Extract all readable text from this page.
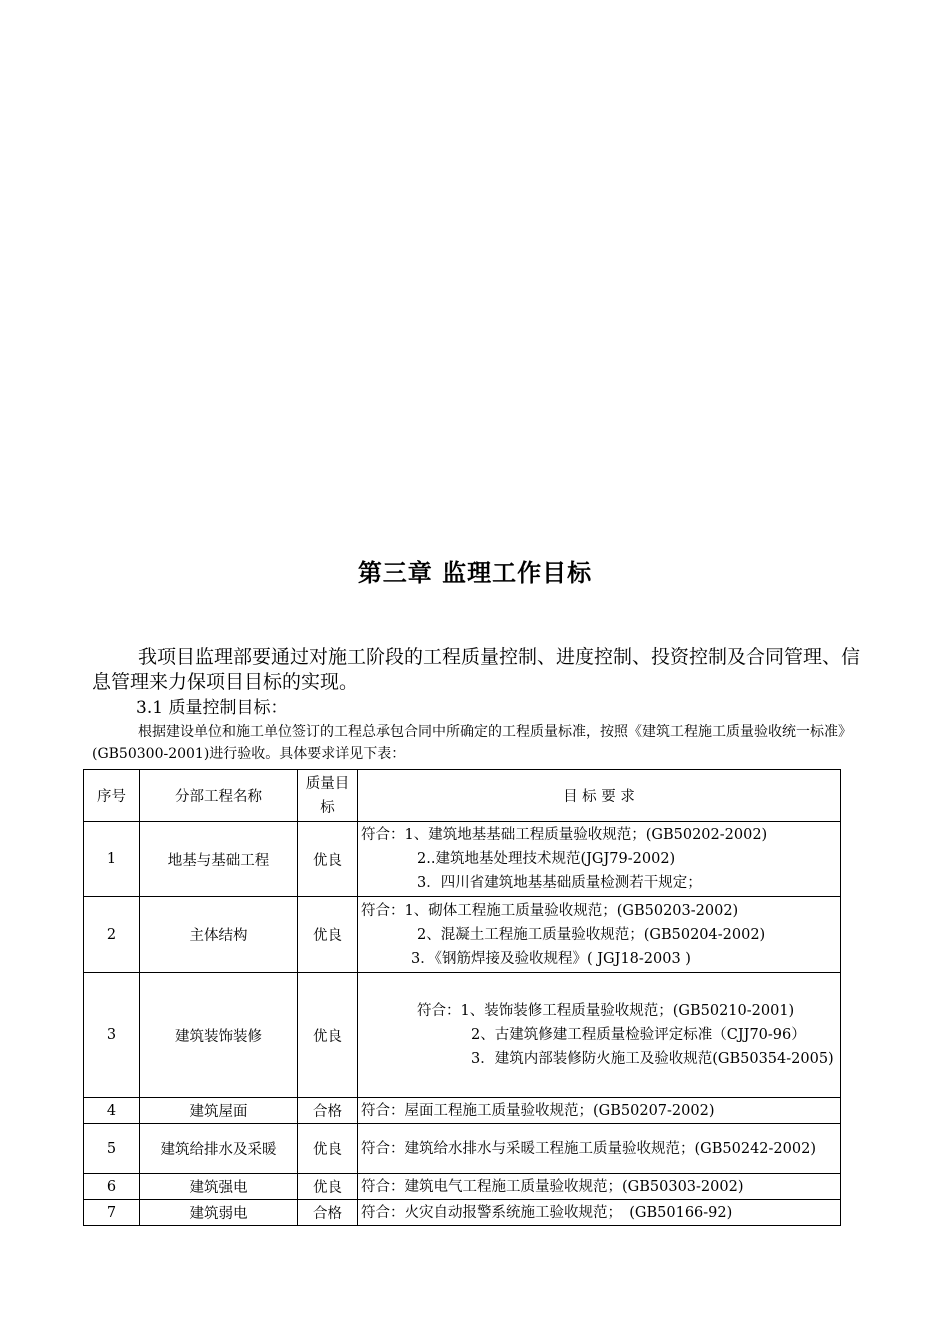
第三章 监理工作目标
我项目监理部要通过对施工阶段的工程质量控制、进度控制、投资控制及合同管理、信息管理来力保项目目标的实现。
3.1 质量控制目标：
根据建设单位和施工单位签订的工程总承包合同中所确定的工程质量标准，按照《建筑工程施工质量验收统一标准》(GB50300-2001)进行验收。具体要求详见下表：
序号	分部工程名称	质量目标	目 标 要 求
1	地基与基础工程	优良	符合：1、建筑地基基础工程质量验收规范；(GB50202-2002)
2..建筑地基处理技术规范(JGJ79-2002)
3．四川省建筑地基基础质量检测若干规定；

2	主体结构	优良	符合：1、砌体工程施工质量验收规范；(GB50203-2002)
2、混凝土工程施工质量验收规范；(GB50204-2002)
3．《钢筋焊接及验收规程》( JGJ18-2003 )

3	建筑装饰装修	优良	符合：1、装饰装修工程质量验收规范；(GB50210-2001)
2、古建筑修建工程质量检验评定标准（CJJ70-96）
3．建筑内部装修防火施工及验收规范(GB50354-2005)

4	建筑屋面	合格	符合：屋面工程施工质量验收规范；(GB50207-2002)

5	建筑给排水及采暖	优良	符合：建筑给水排水与采暖工程施工质量验收规范；(GB50242-2002)

6	建筑强电	优良	符合：建筑电气工程施工质量验收规范；(GB50303-2002)

7	建筑弱电	合格	符合：火灾自动报警系统施工验收规范；　(GB50166-92)
